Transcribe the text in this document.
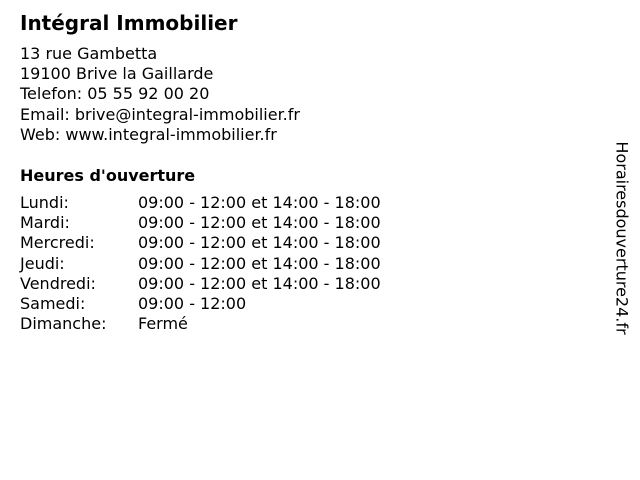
Intégral Immobilier
13 rue Gambetta
19100 Brive la Gaillarde
Telefon: 05 55 92 00 20
Email: brive@integral-immobilier.fr
Web: www.integral-immobilier.fr
Heures d'ouverture
Lundi:	09:00 - 12:00 et 14:00 - 18:00
Mardi:	09:00 - 12:00 et 14:00 - 18:00
Mercredi:	09:00 - 12:00 et 14:00 - 18:00
Jeudi:	09:00 - 12:00 et 14:00 - 18:00
Vendredi:	09:00 - 12:00 et 14:00 - 18:00
Samedi:	09:00 - 12:00
Dimanche:	Fermé	Horairesdouverture24.fr
